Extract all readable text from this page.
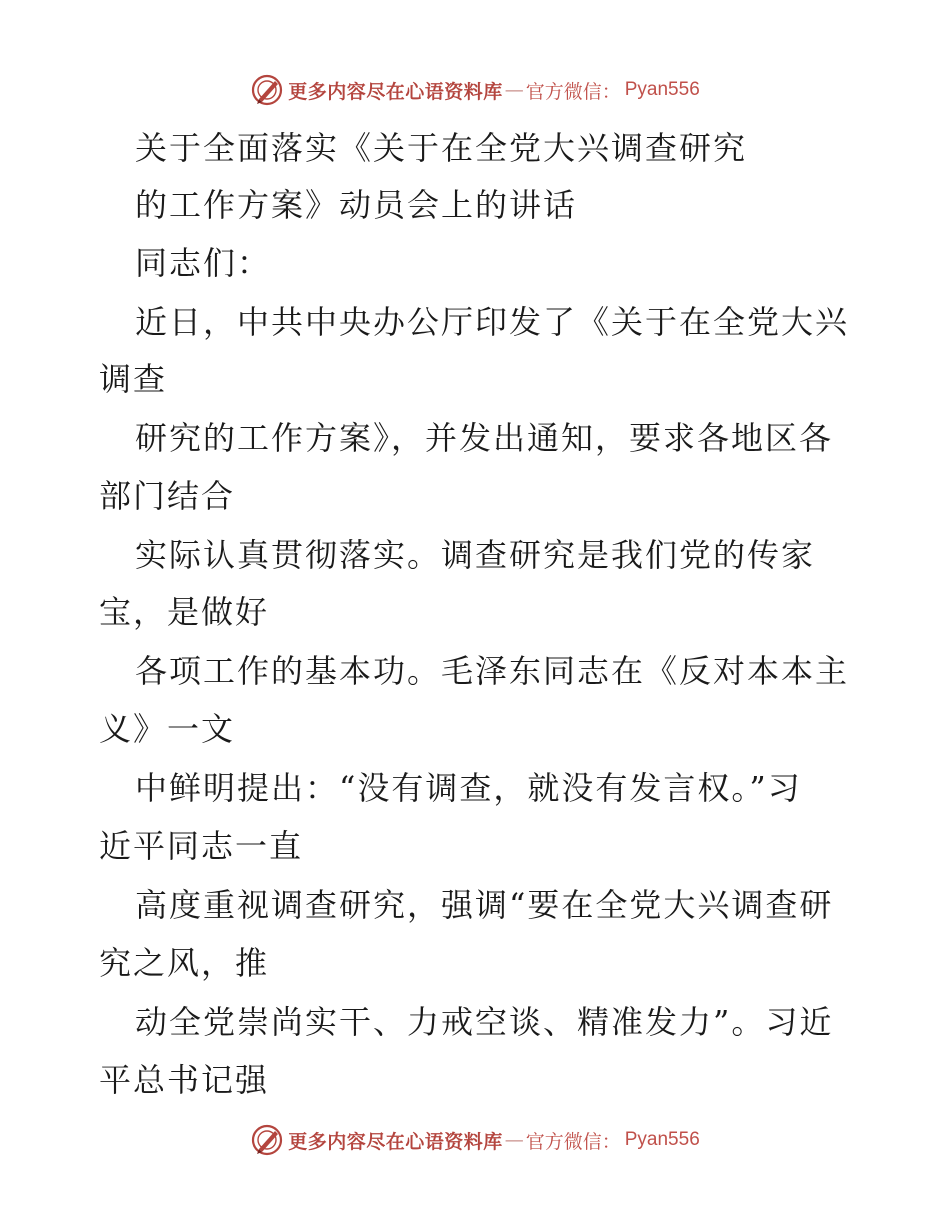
更多内容尽在心语资料库 — 官方微信： Pyan556
关于全面落实《关于在全党大兴调查研究
的工作方案》动员会上的讲话
同志们：
近日，中共中央办公厅印发了《关于在全党大兴
调查
研究的工作方案》，并发出通知，要求各地区各
部门结合
实际认真贯彻落实。调查研究是我们党的传家
宝，是做好
各项工作的基本功。毛泽东同志在《反对本本主
义》一文
中鲜明提出：“没有调查，就没有发言权。”习
近平同志一直
高度重视调查研究，强调“要在全党大兴调查研
究之风，推
动全党崇尚实干、力戒空谈、精准发力”。习近
平总书记强
更多内容尽在心语资料库 — 官方微信： Pyan556
